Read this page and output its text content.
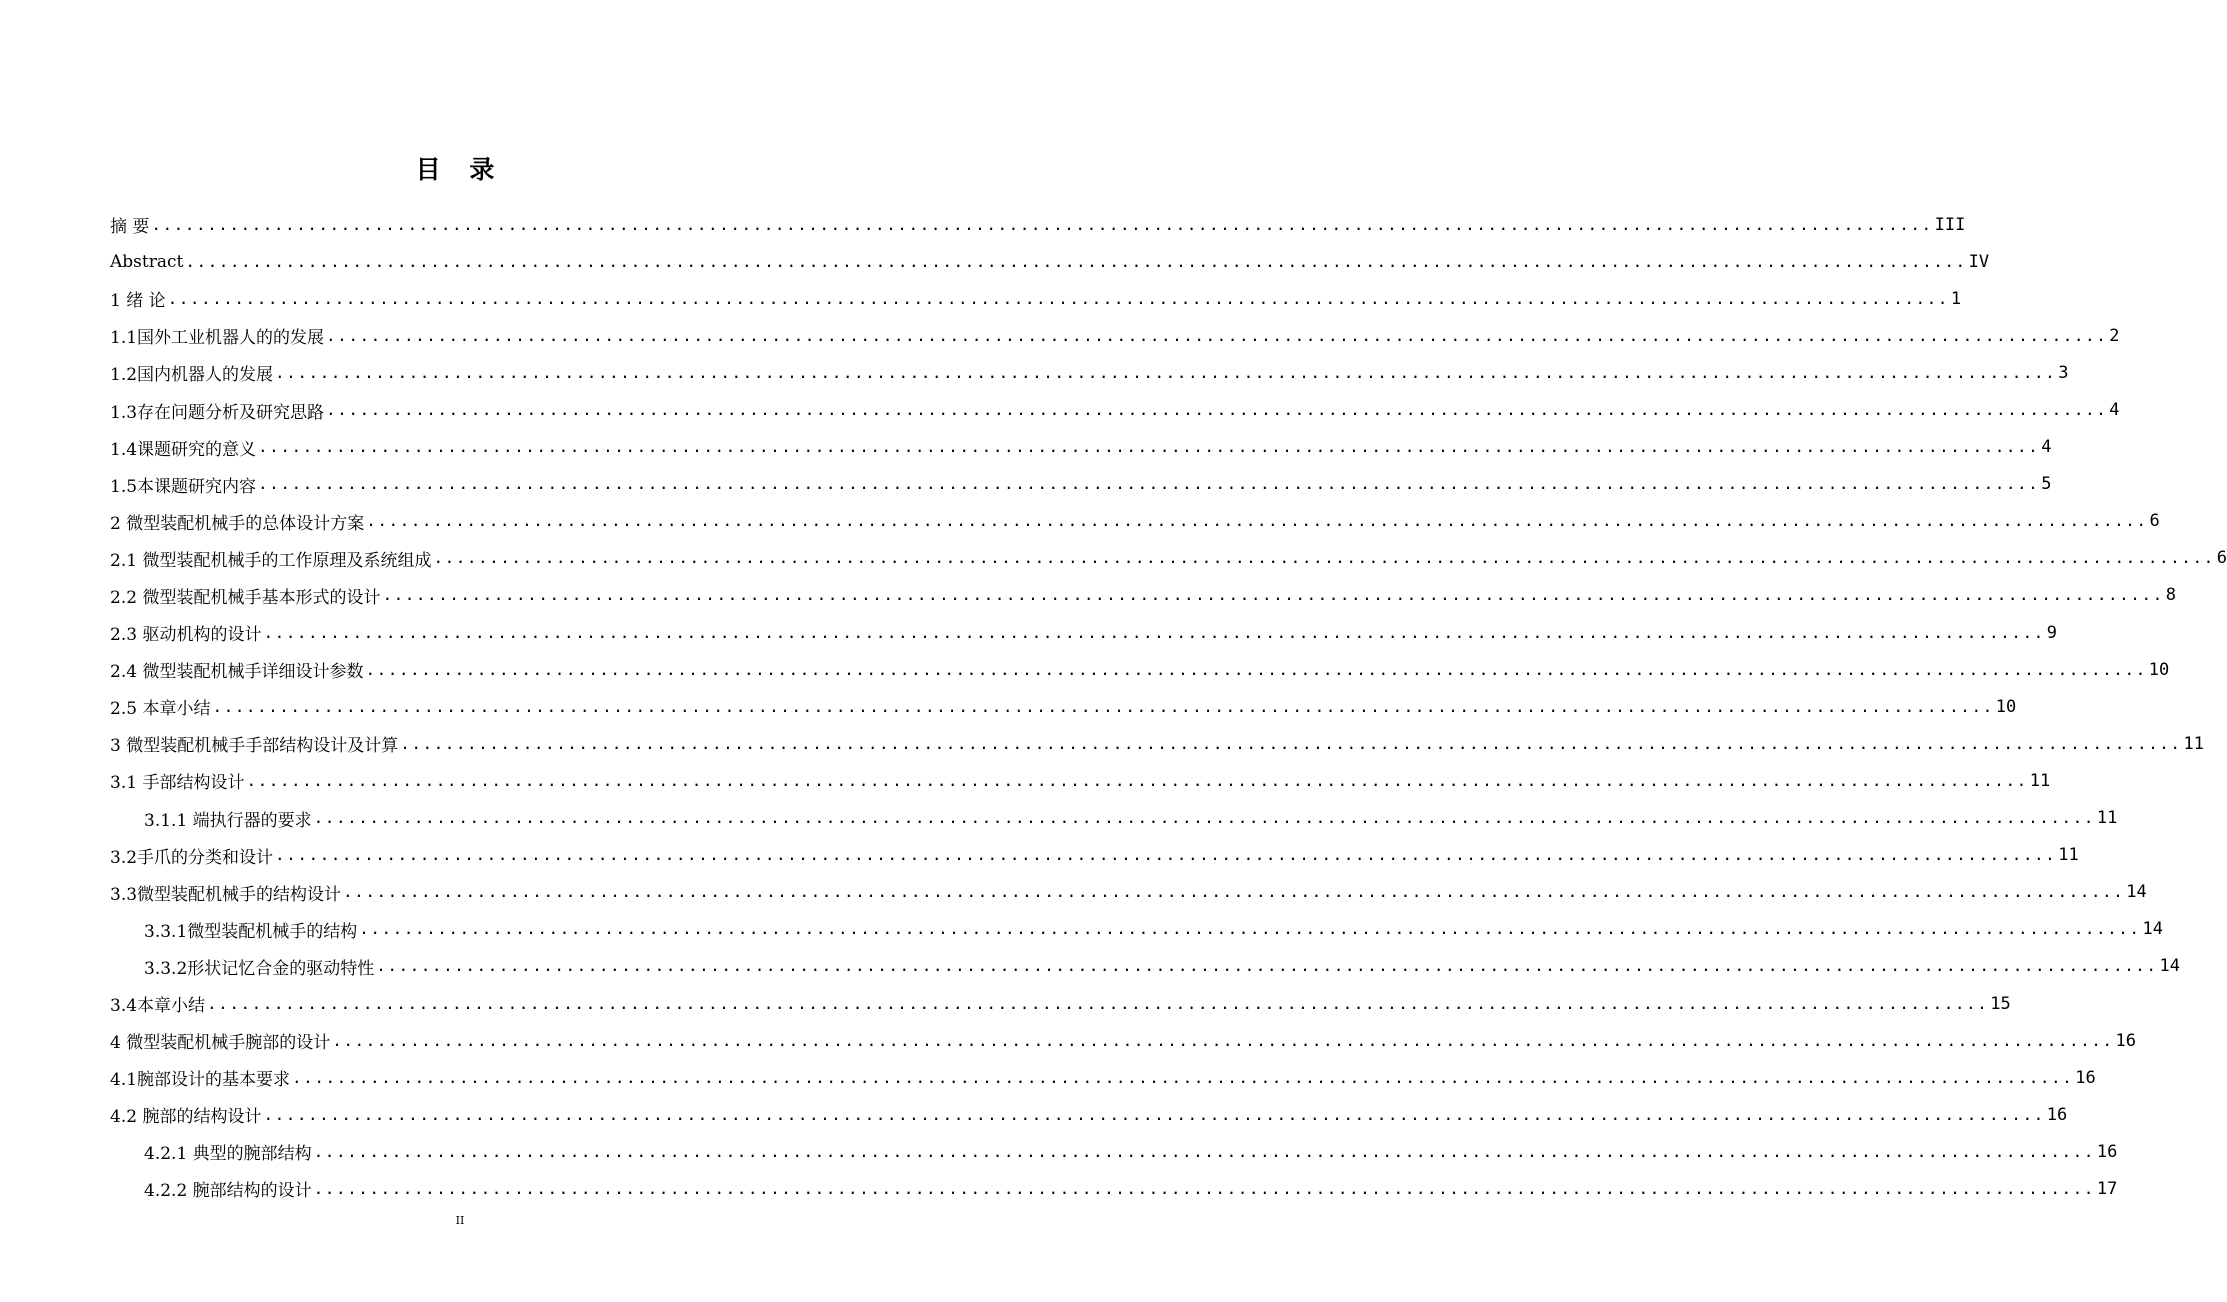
目 录
摘 要 ................................................................................................................................................................ III
Abstract ................................................................................................................................................................ IV
1 绪 论 ................................................................................................................................................................ 1
1.1国外工业机器人的的发展 ................................................................................................................................................................ 2
1.2国内机器人的发展 ................................................................................................................................................................ 3
1.3存在问题分析及研究思路 ................................................................................................................................................................ 4
1.4课题研究的意义 ................................................................................................................................................................ 4
1.5本课题研究内容 ................................................................................................................................................................ 5
2 微型装配机械手的总体设计方案 ................................................................................................................................................................ 6
2.1 微型装配机械手的工作原理及系统组成 ................................................................................................................................................................ 6
2.2 微型装配机械手基本形式的设计 ................................................................................................................................................................ 8
2.3 驱动机构的设计 ................................................................................................................................................................ 9
2.4 微型装配机械手详细设计参数 ................................................................................................................................................................ 10
2.5 本章小结 ................................................................................................................................................................ 10
3 微型装配机械手手部结构设计及计算 ................................................................................................................................................................ 11
3.1 手部结构设计 ................................................................................................................................................................ 11
3.1.1 端执行器的要求 ................................................................................................................................................................ 11
3.2手爪的分类和设计 ................................................................................................................................................................ 11
3.3微型装配机械手的结构设计 ................................................................................................................................................................ 14
3.3.1微型装配机械手的结构 ................................................................................................................................................................ 14
3.3.2形状记忆合金的驱动特性 ................................................................................................................................................................ 14
3.4本章小结 ................................................................................................................................................................ 15
4 微型装配机械手腕部的设计 ................................................................................................................................................................ 16
4.1腕部设计的基本要求 ................................................................................................................................................................ 16
4.2 腕部的结构设计 ................................................................................................................................................................ 16
4.2.1 典型的腕部结构 ................................................................................................................................................................ 16
4.2.2 腕部结构的设计 ................................................................................................................................................................ 17
II
